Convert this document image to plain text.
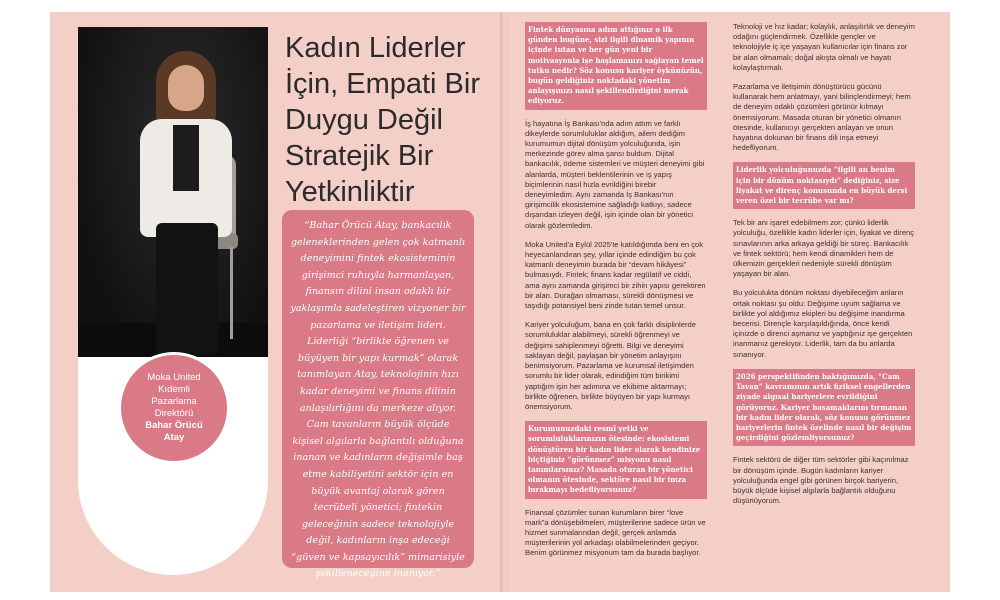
Moka United
Kıdemli
Pazarlama
Direktörü
Bahar Örücü
Atay
Kadın Liderler İçin, Empati Bir Duygu Değil Stratejik Bir Yetkinliktir
“Bahar Örücü Atay, bankacılık geleneklerinden gelen çok katmanlı deneyimini fintek ekosisteminin girişimci ruhuyla harmanlayan, finansın dilini insan odaklı bir yaklaşımla sadeleştiren vizyoner bir pazarlama ve iletişim lideri. Liderliği “birlikte öğrenen ve büyüyen bir yapı kurmak” olarak tanımlayan Atay, teknolojinin hızı kadar deneyimi ve finans dilinin anlaşılırlığını da merkeze alıyor. Cam tavanların büyük ölçüde kişisel algılarla bağlantılı olduğuna inanan ve kadınların değişimle baş etme kabiliyetini sektör için en büyük avantaj olarak gören tecrübeli yönetici; fintekin geleceğinin sadece teknolojiyle değil, kadınların inşa edeceği “güven ve kapsayıcılık” mimarisiyle şekilleneceğine inanıyor.”
Fintek dünyasına adım attığınız o ilk günden bugüne, sizi ilgili dinamik yapının içinde tutan ve her gün yeni bir motivasyonla işe başlamanızı sağlayan temel tutku nedir? Söz konusu kariyer öykünüzün, bugün geldiğiniz noktadaki yönetim anlayışınızı nasıl şekillendirdiğini merak ediyoruz.

İş hayatına İş Bankası'nda adım attım ve farklı dikeylerde sorumluluklar aldığım, ailem dediğim kurumumun dijital dönüşüm yolculuğunda, işin merkezinde görev alma şansı buldum. Dijital bankacılık, ödeme sistemleri ve müşteri deneyimi gibi alanlarda, müşteri beklentilerinin ve iş yapış biçimlerinin nasıl hızla evrildiğini birebir deneyimledim. Aynı zamanda İş Bankası'nın girişimcilik ekosistemine sağladığı katkıyı, sadece dışarıdan izleyen değil, işin içinde olan bir yönetici olarak gözlemledim.

Moka United'a Eylül 2025'te katıldığımda beni en çok heyecanlandıran şey, yıllar içinde edindiğim bu çok katmanlı deneyimin burada bir “devam hikâyesi” bulmasıydı. Fintek; finans kadar regülatif ve ciddi, ama aynı zamanda girişimci bir zihin yapısı gerektiren bir alan. Durağan olmaması, sürekli dönüşmesi ve taşıdığı potansiyel beni zinde tutan temel unsur.

Kariyer yolculuğum, bana en çok farklı disiplinlerde sorumluluklar alabilmeyi, sürekli öğrenmeyi ve değişimi sahiplenmeyi öğretti. Bilgi ve deneyimi saklayan değil, paylaşan bir yönetim anlayışını benimsiyorum. Pazarlama ve kurumsal iletişimden sorumlu bir lider olarak, edindiğim tüm birikimi yaptığım işin her adımına ve ekibime aktarmayı; birlikte öğrenen, birlikte büyüyen bir yapı kurmayı önemsiyorum.

Kurumunuzdaki resmî yetki ve sorumluluklarınızın ötesinde; ekosistemi dönüştüren bir kadın lider olarak kendinize biçtiğiniz “görünmez” misyonu nasıl tanımlarsınız? Masada oturan bir yönetici olmanın ötesinde, sektöre nasıl bir imza bırakmayı hedefliyorsunuz?

Finansal çözümler sunan kurumların birer “love mark”a dönüşebilmeleri, müşterilerine sadece ürün ve hizmet sunmalarından değil, gerçek anlamda müşterilerinin yol arkadaşı olabilmelerinden geçiyor. Benim görünmez misyonum tam da burada başlıyor.

Teknoloji ve hız kadar; kolaylık, anlaşılırlık ve deneyim odağını güçlendirmek. Özellikle gençler ve teknolojiyle iç içe yaşayan kullanıcılar için finans zor bir alan olmamalı; doğal akışta olmalı ve hayatı kolaylaştırmalı.

Pazarlama ve iletişimin dönüştürücü gücünü kullanarak hem anlatmayı, yani bilinçlendirmeyi; hem de deneyim odaklı çözümleri görünür kılmayı önemsiyorum. Masada oturan bir yönetici olmanın ötesinde, kullanıcıyı gerçekten anlayan ve onun hayatına dokunan bir finans dili inşa etmeyi hedefliyorum.

Liderlik yolculuğunuzda “ilgili an benim için bir dönüm noktasıydı” dediğiniz, size liyakat ve direnç konusunda en büyük dersi veren özel bir tecrübe var mı?

Tek bir anı işaret edebilmem zor; çünkü liderlik yolculuğu, özellikle kadın liderler için, liyakat ve direnç sınavlarının arka arkaya geldiği bir süreç. Bankacılık ve fintek sektörü; hem kendi dinamikleri hem de ülkemizin gerçekleri nedeniyle sürekli dönüşüm yaşayan bir alan.

Bu yolculukta dönüm noktası diyebileceğim anların ortak noktası şu oldu: Değişime uyum sağlama ve birlikte yol aldığımız ekipleri bu değişime inandırma becerisi. Dirençle karşılaşıldığında, önce kendi içinizde o direnci aşmanız ve yaptığınız işe gerçekten inanmanız gerekiyor. Liderlik, tam da bu anlarda sınanıyor.

2026 perspektifinden baktığımızda, “Cam Tavan” kavramının artık fiziksel engellerden ziyade algısal bariyerlere evrildiğini görüyoruz. Kariyer basamaklarını tırmanan bir kadın lider olarak, söz konusu görünmez bariyerlerin fintek özelinde nasıl bir değişim geçirdiğini gözlemliyorsunuz?

Fintek sektörü de diğer tüm sektörler gibi kaçınılmaz bir dönüşüm içinde. Bugün kadınların kariyer yolculuğunda engel gibi görünen birçok bariyerin, büyük ölçüde kişisel algılarla bağlantılı olduğunu düşünüyorum.
